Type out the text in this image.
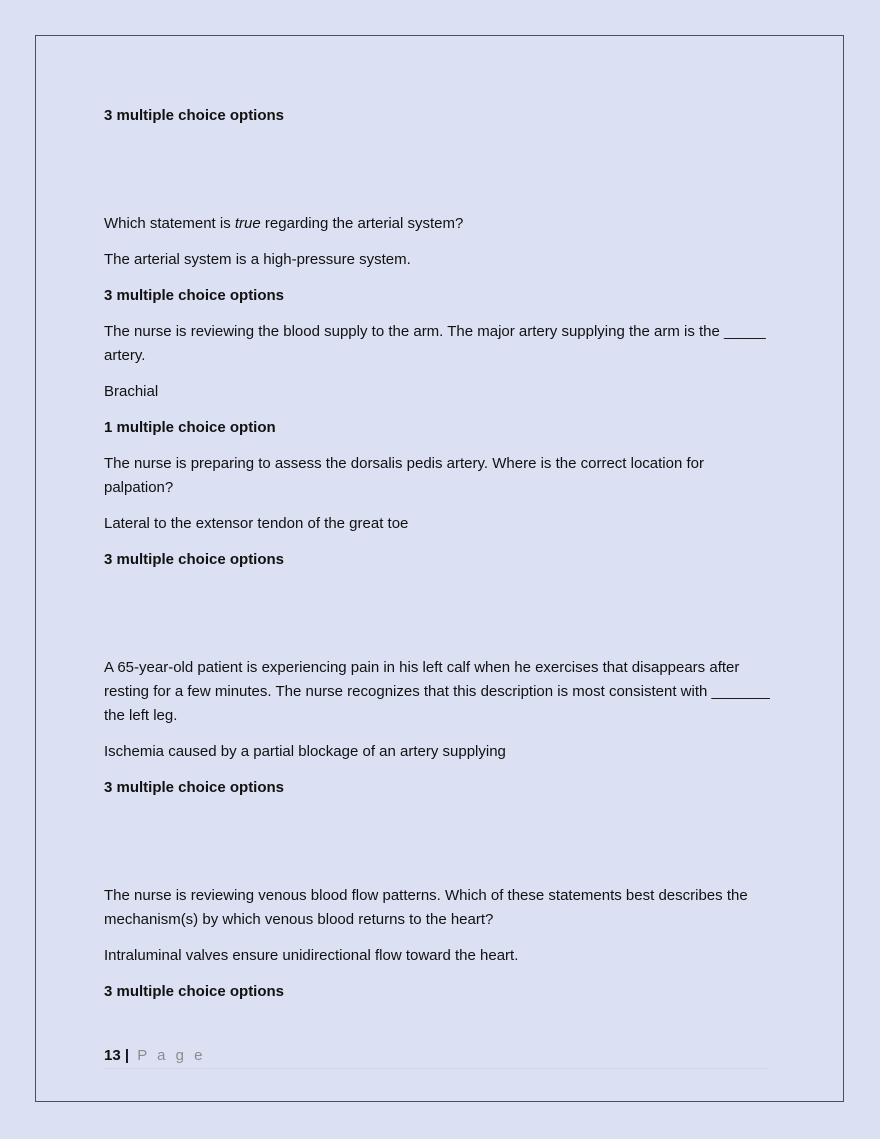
3 multiple choice options

Which statement is true regarding the arterial system?

The arterial system is a high-pressure system.

3 multiple choice options

The nurse is reviewing the blood supply to the arm. The major artery supplying the arm is the _____ artery.

Brachial

1 multiple choice option

The nurse is preparing to assess the dorsalis pedis artery. Where is the correct location for palpation?

Lateral to the extensor tendon of the great toe

3 multiple choice options

A 65-year-old patient is experiencing pain in his left calf when he exercises that disappears after resting for a few minutes. The nurse recognizes that this description is most consistent with _______ the left leg.

Ischemia caused by a partial blockage of an artery supplying

3 multiple choice options

The nurse is reviewing venous blood flow patterns. Which of these statements best describes the mechanism(s) by which venous blood returns to the heart?

Intraluminal valves ensure unidirectional flow toward the heart.

3 multiple choice options

13 | P a g e
